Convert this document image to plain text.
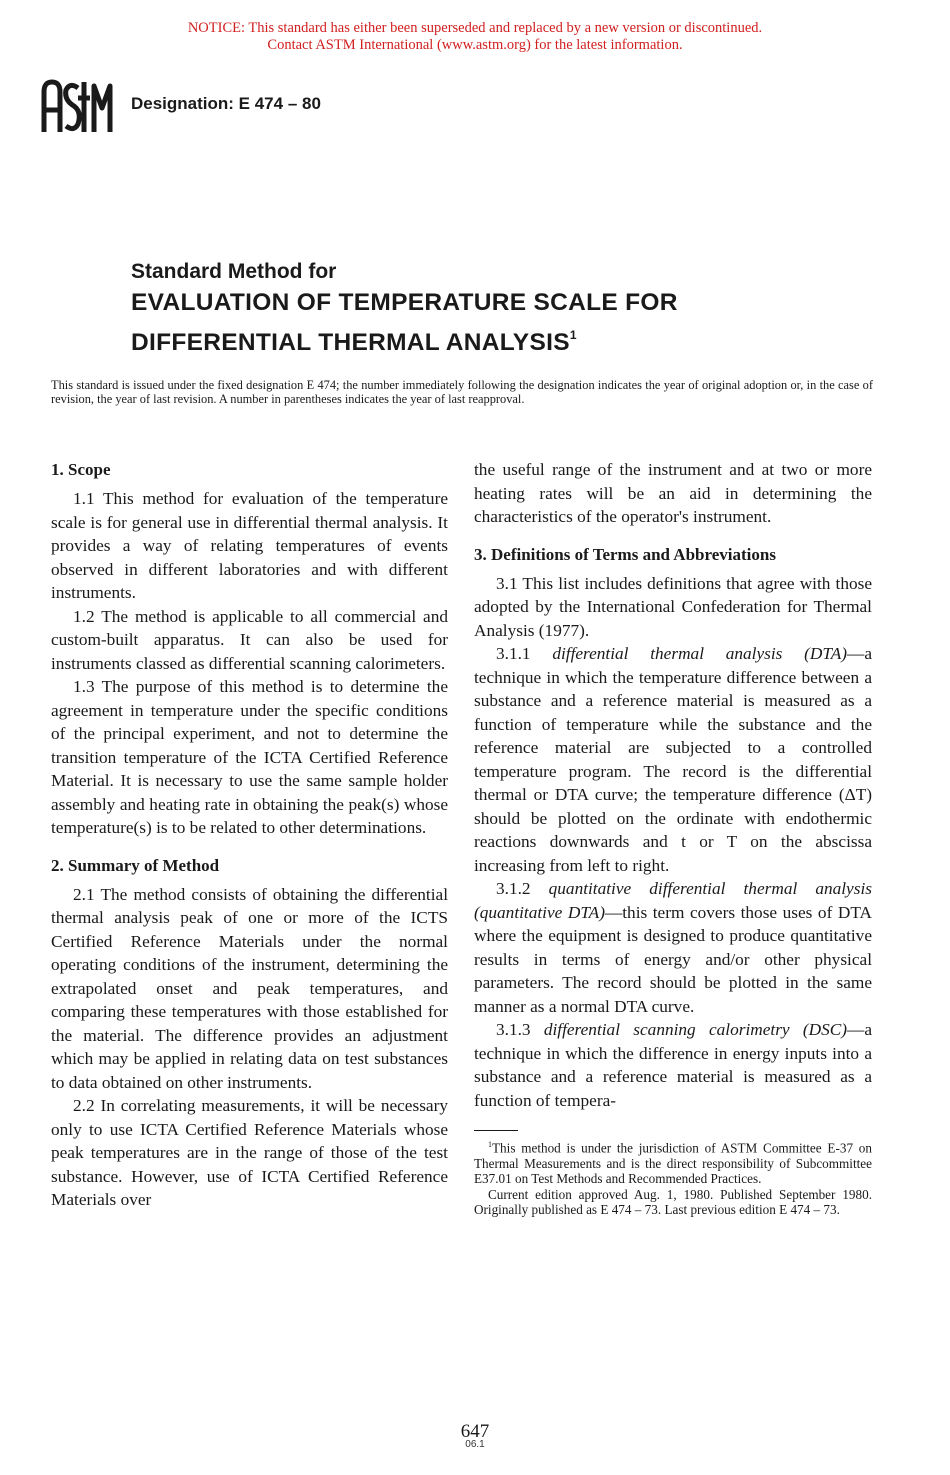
NOTICE: This standard has either been superseded and replaced by a new version or discontinued.
Contact ASTM International (www.astm.org) for the latest information.
ASTM
Designation: E 474 – 80
Standard Method for
EVALUATION OF TEMPERATURE SCALE FOR
DIFFERENTIAL THERMAL ANALYSIS$^1$
This standard is issued under the fixed designation E 474; the number immediately following the designation indicates the year of original adoption or, in the case of revision, the year of last revision. A number in parentheses indicates the year of last reapproval.
1. Scope

1.1 This method for evaluation of the temperature scale is for general use in differential thermal analysis. It provides a way of relating temperatures of events observed in different laboratories and with different instruments.

1.2 The method is applicable to all commercial and custom-built apparatus. It can also be used for instruments classed as differential scanning calorimeters.

1.3 The purpose of this method is to determine the agreement in temperature under the specific conditions of the principal experiment, and not to determine the transition temperature of the ICTA Certified Reference Material. It is necessary to use the same sample holder assembly and heating rate in obtaining the peak(s) whose temperature(s) is to be related to other determinations.

2. Summary of Method

2.1 The method consists of obtaining the differential thermal analysis peak of one or more of the ICTS Certified Reference Materials under the normal operating conditions of the instrument, determining the extrapolated onset and peak temperatures, and comparing these temperatures with those established for the material. The difference provides an adjustment which may be applied in relating data on test substances to data obtained on other instruments.

2.2 In correlating measurements, it will be necessary only to use ICTA Certified Reference Materials whose peak temperatures are in the range of those of the test substance. However, use of ICTA Certified Reference Materials over

the useful range of the instrument and at two or more heating rates will be an aid in determining the characteristics of the operator's instrument.

3. Definitions of Terms and Abbreviations

3.1 This list includes definitions that agree with those adopted by the International Confederation for Thermal Analysis (1977).

3.1.1 differential thermal analysis (DTA)—a technique in which the temperature difference between a substance and a reference material is measured as a function of temperature while the substance and the reference material are subjected to a controlled temperature program. The record is the differential thermal or DTA curve; the temperature difference (ΔT) should be plotted on the ordinate with endothermic reactions downwards and t or T on the abscissa increasing from left to right.

3.1.2 quantitative differential thermal analysis (quantitative DTA)—this term covers those uses of DTA where the equipment is designed to produce quantitative results in terms of energy and/or other physical parameters. The record should be plotted in the same manner as a normal DTA curve.

3.1.3 differential scanning calorimetry (DSC)—a technique in which the difference in energy inputs into a substance and a reference material is measured as a function of tempera-

$^1$This method is under the jurisdiction of ASTM Committee E-37 on Thermal Measurements and is the direct responsibility of Subcommittee E37.01 on Test Methods and Recommended Practices.

Current edition approved Aug. 1, 1980. Published September 1980. Originally published as E 474 – 73. Last previous edition E 474 – 73.

647
06.1
